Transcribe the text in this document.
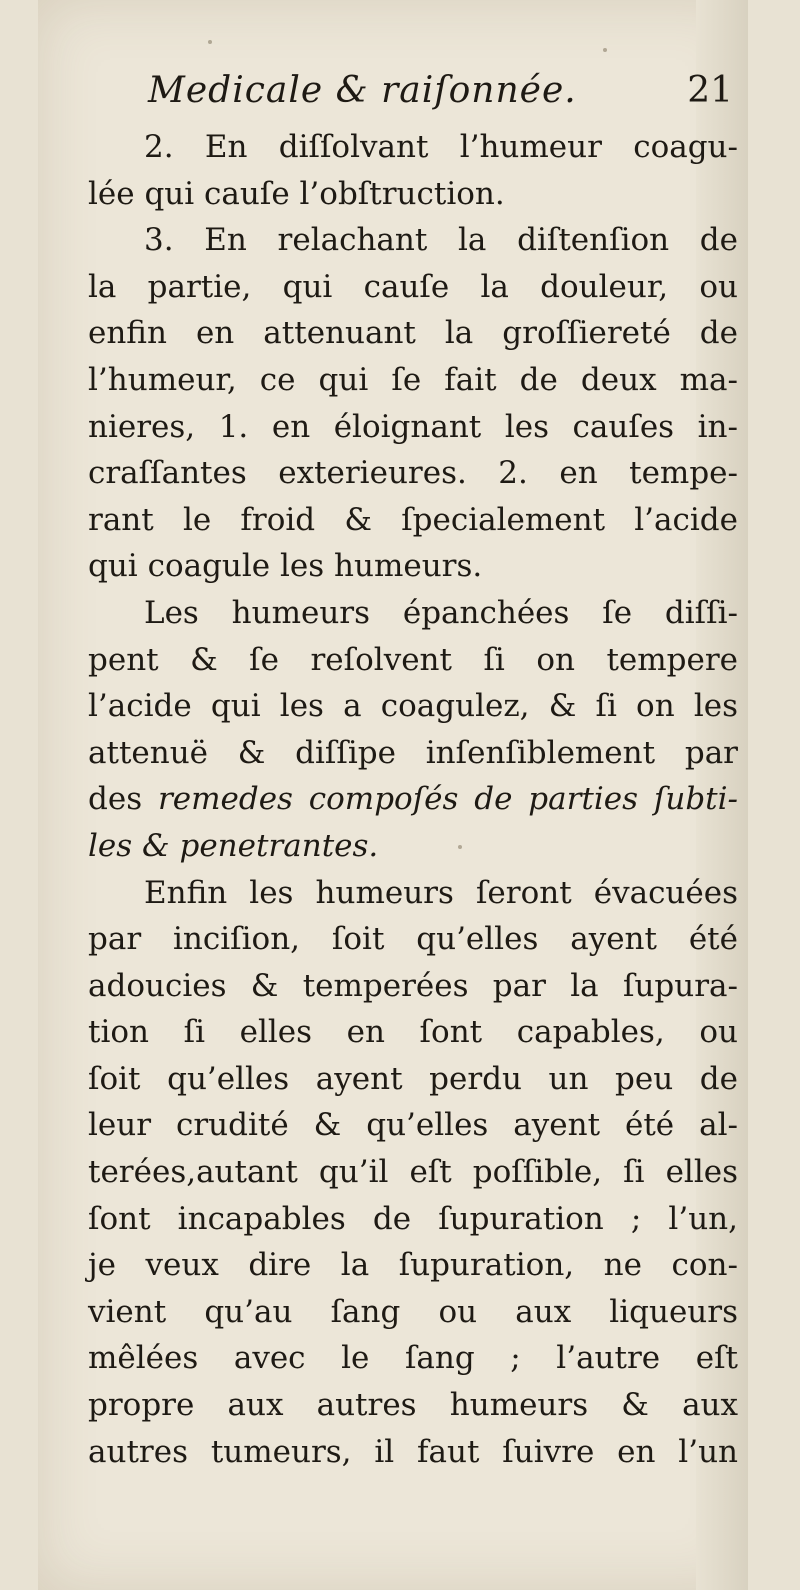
Medicale & raiſonnée.	21
2. En diſſolvant l’humeur coagu-
lée qui cauſe l’obſtruction.
3. En relachant la diſtenſion de
la partie, qui cauſe la douleur, ou
enfin en attenuant la groſſiereté de
l’humeur, ce qui ſe fait de deux ma-
nieres, 1. en éloignant les cauſes in-
craſſantes exterieures. 2. en tempe-
rant le froid & ſpecialement l’acide
qui coagule les humeurs.
Les humeurs épanchées ſe diſſi-
pent & ſe reſolvent ſi on tempere
l’acide qui les a coagulez, & ſi on les
attenuë & diſſipe inſenſiblement par
des remedes compoſés de parties ſubti-
les & penetrantes.
Enfin les humeurs ſeront évacuées
par inciſion, ſoit qu’elles ayent été
adoucies & temperées par la ſupura-
tion ſi elles en ſont capables, ou
ſoit qu’elles ayent perdu un peu de
leur crudité & qu’elles ayent été al-
terées,autant qu’il eſt poſſible, ſi elles
ſont incapables de ſupuration ; l’un,
je veux dire la ſupuration, ne con-
vient qu’au ſang ou aux liqueurs
mêlées avec le ſang ; l’autre eſt
propre aux autres humeurs & aux
autres tumeurs, il faut ſuivre en l’un
